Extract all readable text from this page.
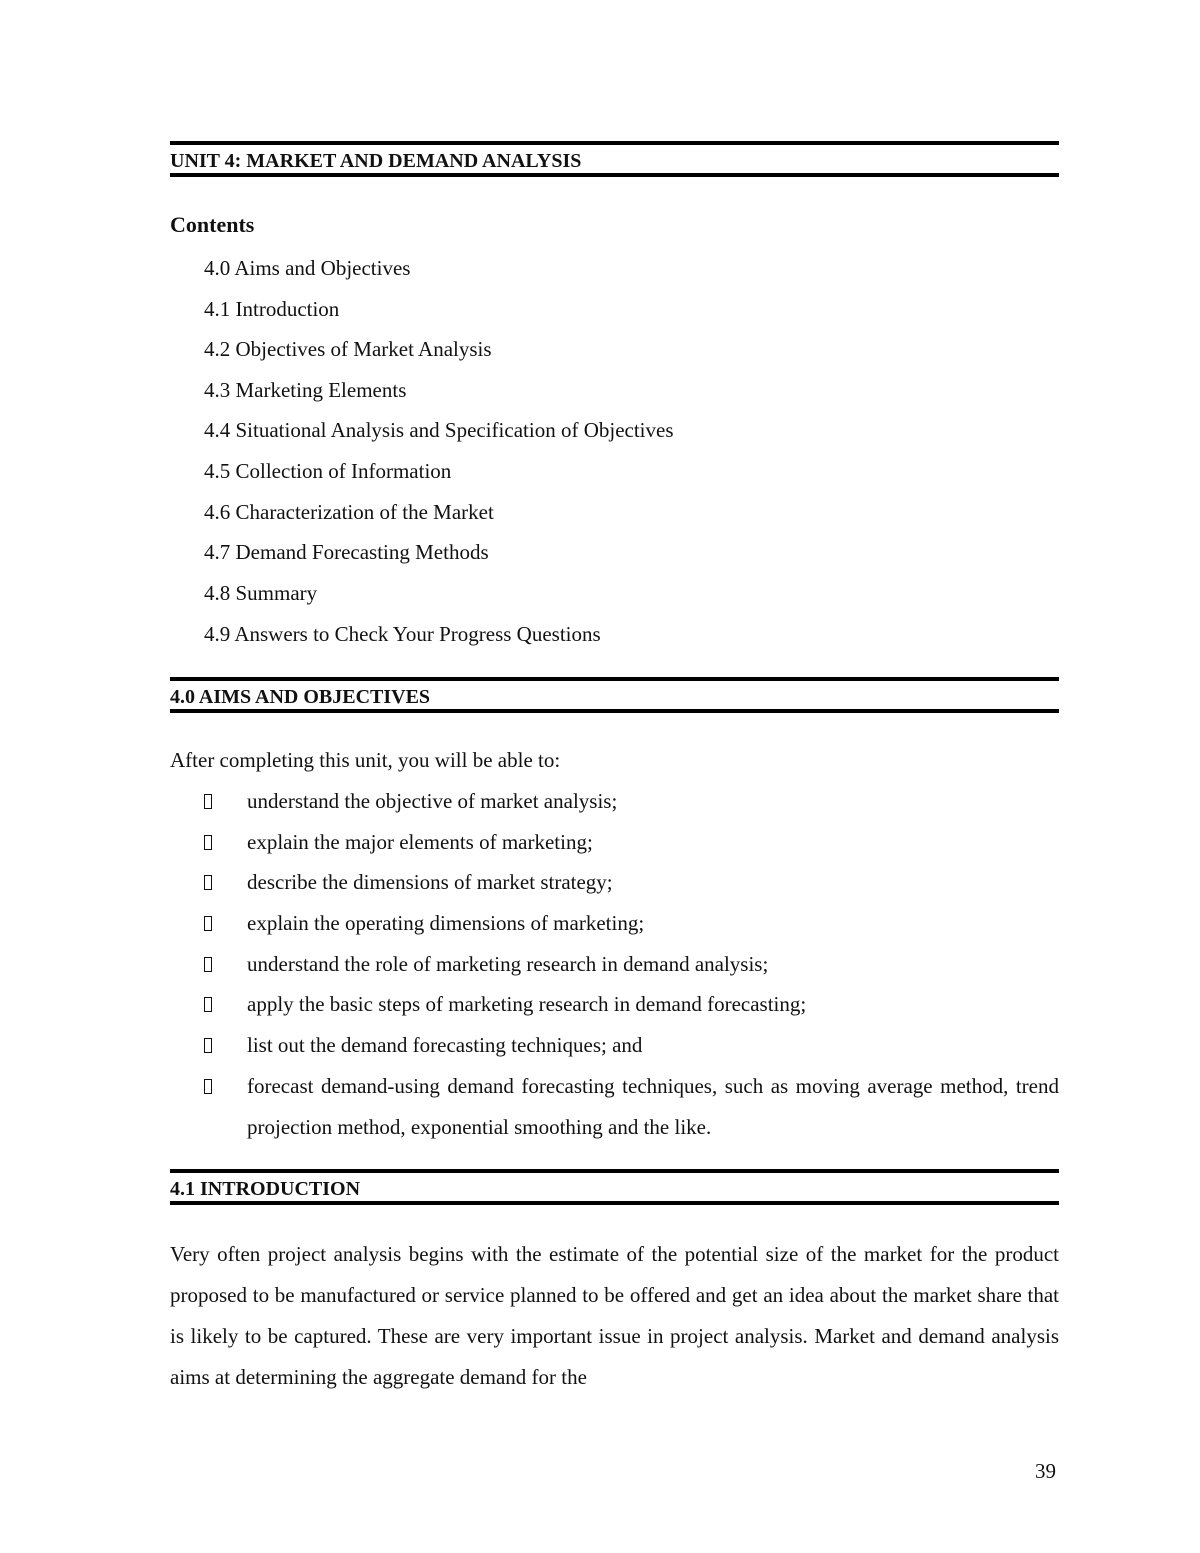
UNIT 4: MARKET AND DEMAND ANALYSIS
Contents
4.0 Aims and Objectives
4.1 Introduction
4.2 Objectives of Market Analysis
4.3 Marketing Elements
4.4 Situational Analysis and Specification of Objectives
4.5 Collection of Information
4.6 Characterization of the Market
4.7 Demand Forecasting Methods
4.8 Summary
4.9 Answers to Check Your Progress Questions
4.0 AIMS AND OBJECTIVES
After completing this unit, you will be able to:
understand the objective of market analysis;
explain the major elements of marketing;
describe the dimensions of market strategy;
explain the operating dimensions of marketing;
understand the role of marketing research in demand analysis;
apply the basic steps of marketing research in demand forecasting;
list out the demand forecasting techniques; and
forecast demand-using demand forecasting techniques, such as moving average method, trend projection method, exponential smoothing and the like.
4.1 INTRODUCTION
Very often project analysis begins with the estimate of the potential size of the market for the product proposed to be manufactured or service planned to be offered and get an idea about the market share that is likely to be captured. These are very important issue in project analysis. Market and demand analysis aims at determining the aggregate demand for the
39
